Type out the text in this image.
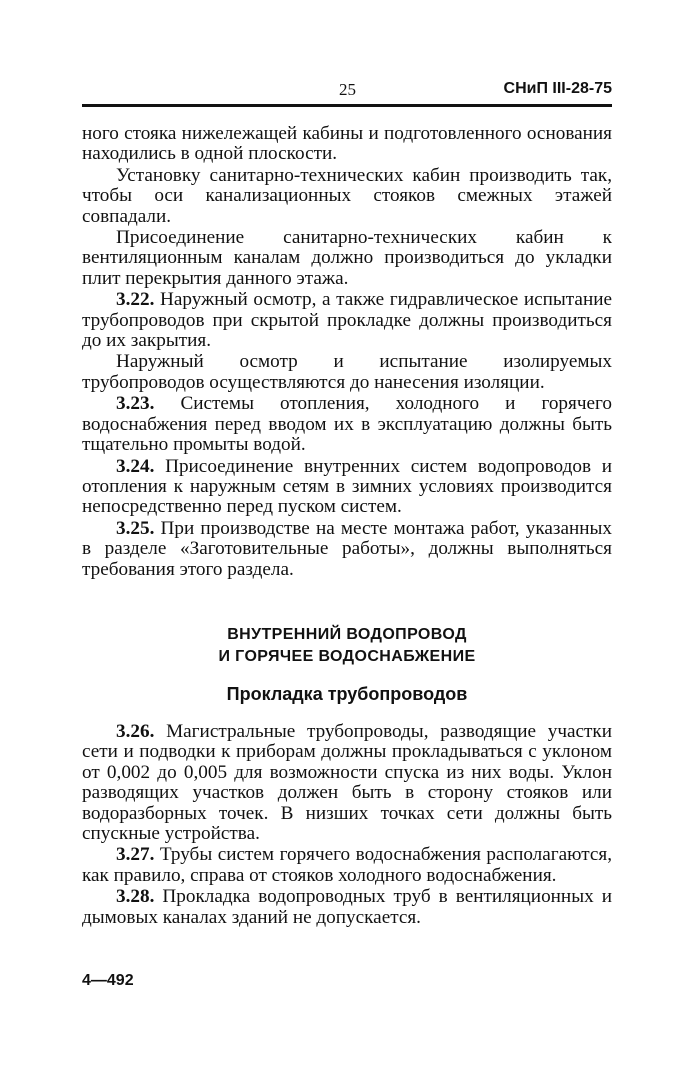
25	СНиП III-28-75

ного стояка нижележащей кабины и подготовленного основания находились в одной плоскости.

Установку санитарно-технических кабин производить так, чтобы оси канализационных стояков смежных этажей совпадали.

Присоединение санитарно-технических кабин к вентиляционным каналам должно производиться до укладки плит перекрытия данного этажа.

3.22. Наружный осмотр, а также гидравлическое испытание трубопроводов при скрытой прокладке должны производиться до их закрытия.

Наружный осмотр и испытание изолируемых трубопроводов осуществляются до нанесения изоляции.

3.23. Системы отопления, холодного и горячего водоснабжения перед вводом их в эксплуатацию должны быть тщательно промыты водой.

3.24. Присоединение внутренних систем водопроводов и отопления к наружным сетям в зимних условиях производится непосредственно перед пуском систем.

3.25. При производстве на месте монтажа работ, указанных в разделе «Заготовительные работы», должны выполняться требования этого раздела.

ВНУТРЕННИЙ ВОДОПРОВОД
И ГОРЯЧЕЕ ВОДОСНАБЖЕНИЕ
Прокладка трубопроводов

3.26. Магистральные трубопроводы, разводящие участки сети и подводки к приборам должны прокладываться с уклоном от 0,002 до 0,005 для возможности спуска из них воды. Уклон разводящих участков должен быть в сторону стояков или водоразборных точек. В низших точках сети должны быть спускные устройства.

3.27. Трубы систем горячего водоснабжения располагаются, как правило, справа от стояков холодного водоснабжения.

3.28. Прокладка водопроводных труб в вентиляционных и дымовых каналах зданий не допускается.

4—492
